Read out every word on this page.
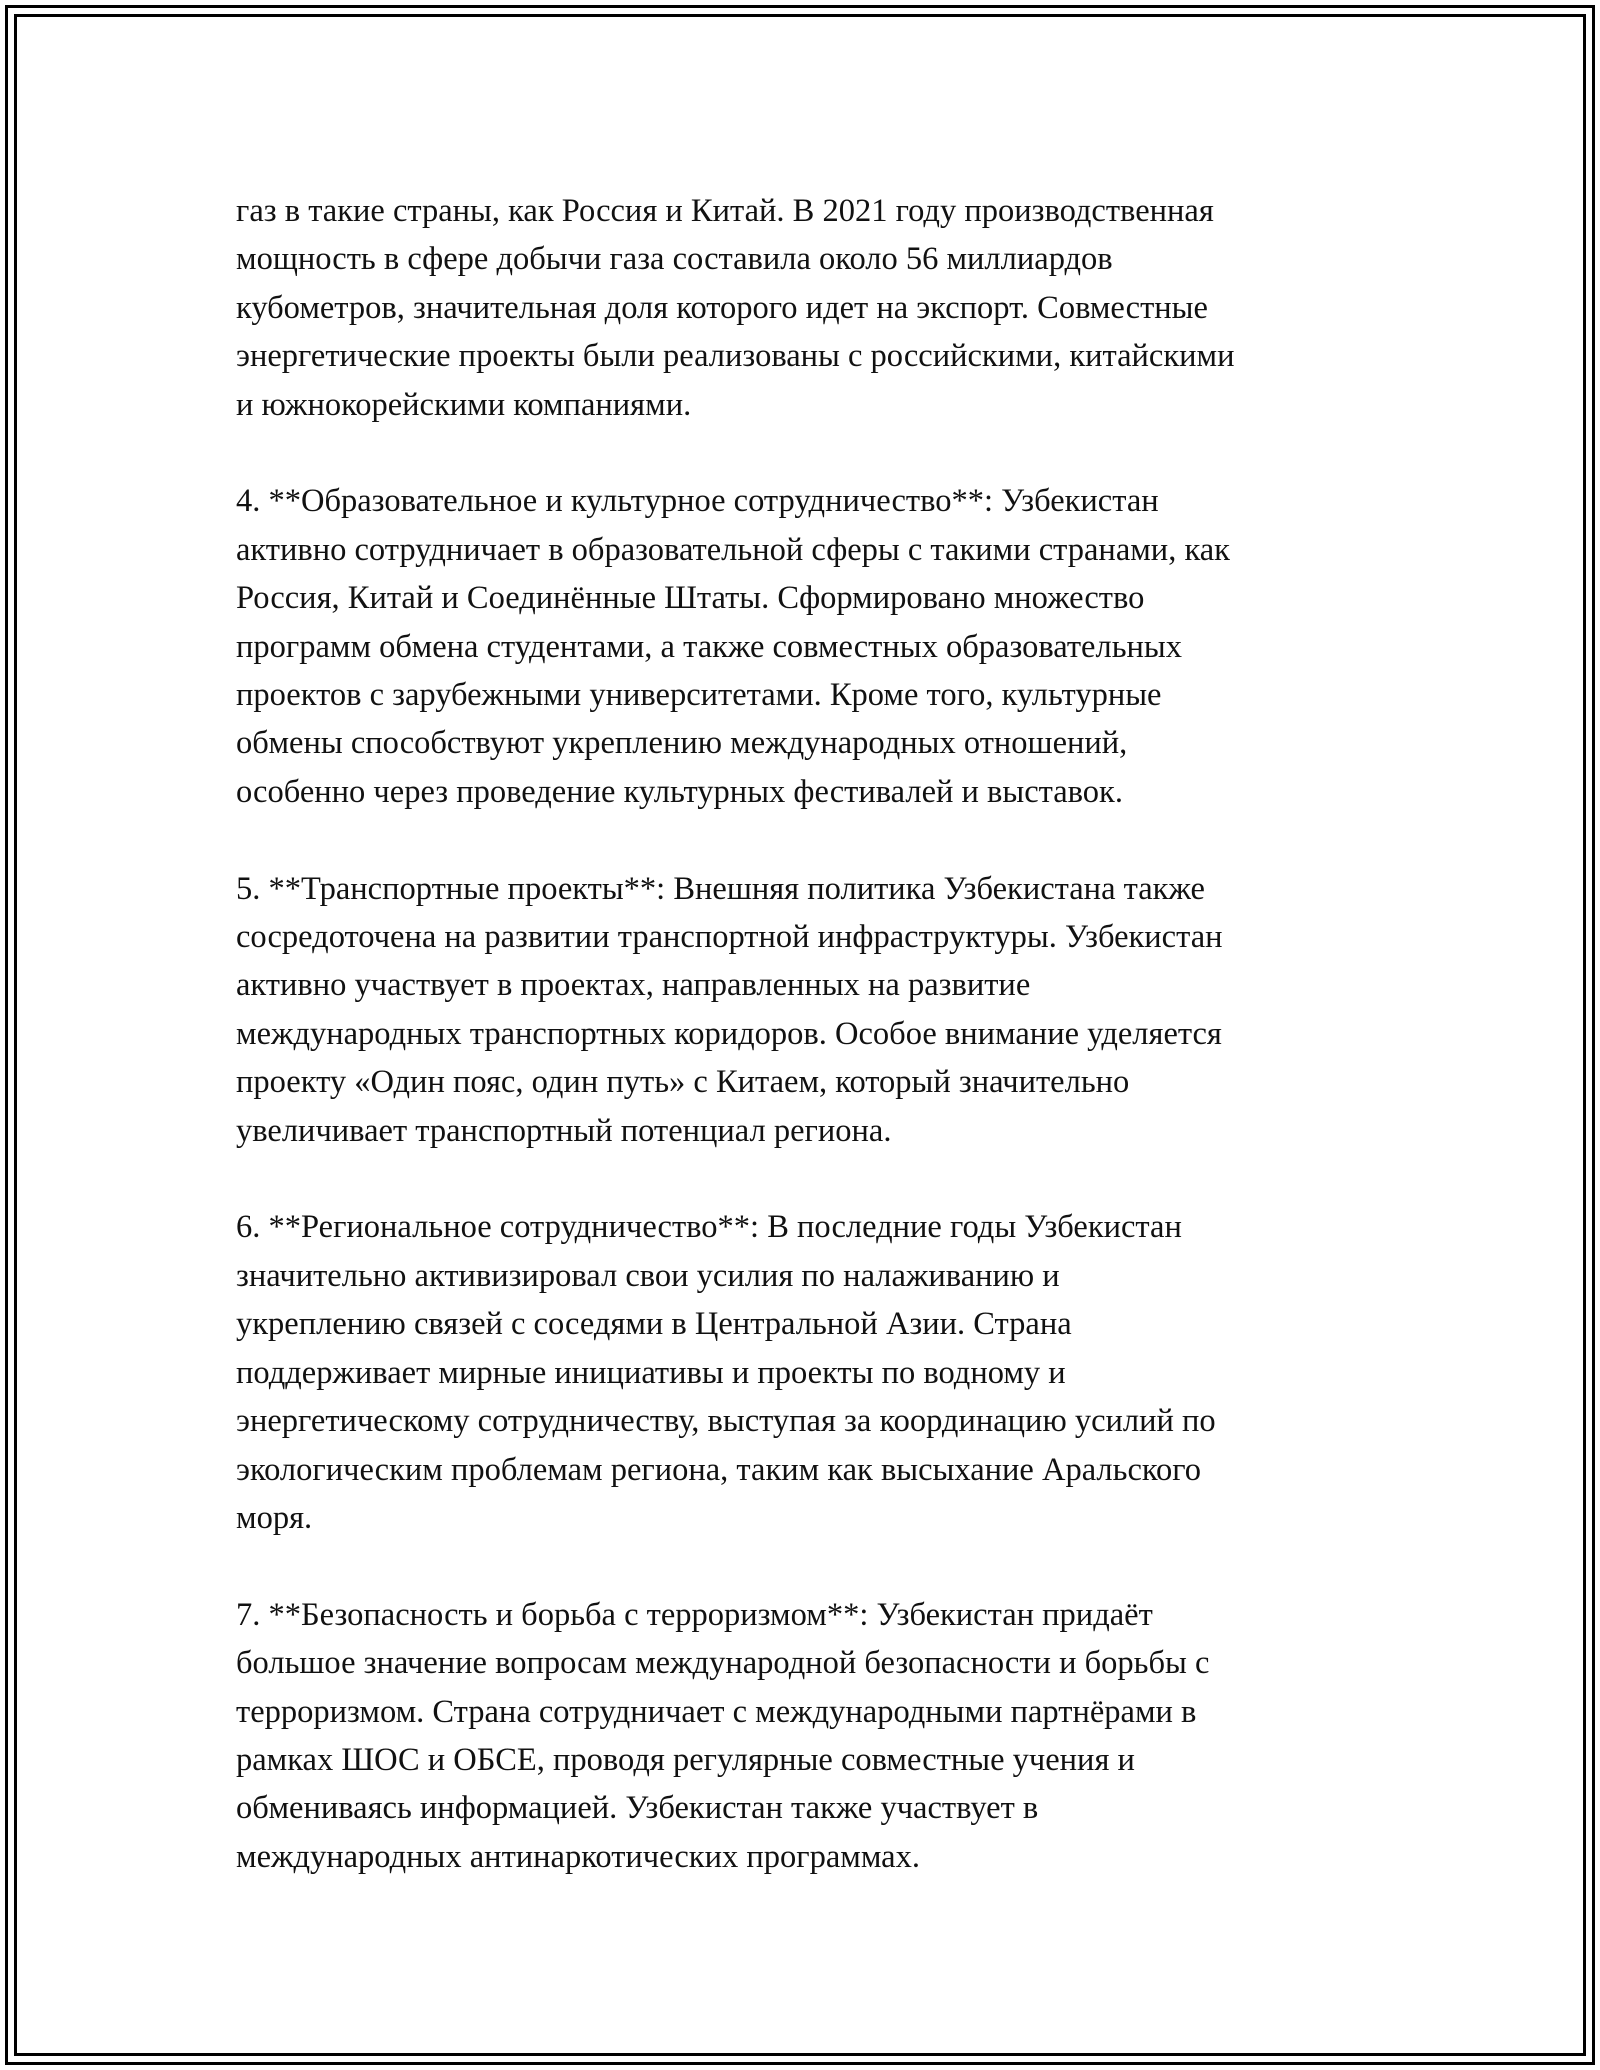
газ в такие страны, как Россия и Китай. В 2021 году производственная
мощность в сфере добычи газа составила около 56 миллиардов
кубометров, значительная доля которого идет на экспорт. Совместные
энергетические проекты были реализованы с российскими, китайскими
и южнокорейскими компаниями.

4. **Образовательное и культурное сотрудничество**: Узбекистан
активно сотрудничает в образовательной сферы с такими странами, как
Россия, Китай и Соединённые Штаты. Сформировано множество
программ обмена студентами, а также совместных образовательных
проектов с зарубежными университетами. Кроме того, культурные
обмены способствуют укреплению международных отношений,
особенно через проведение культурных фестивалей и выставок.

5. **Транспортные проекты**: Внешняя политика Узбекистана также
сосредоточена на развитии транспортной инфраструктуры. Узбекистан
активно участвует в проектах, направленных на развитие
международных транспортных коридоров. Особое внимание уделяется
проекту «Один пояс, один путь» с Китаем, который значительно
увеличивает транспортный потенциал региона.

6. **Региональное сотрудничество**: В последние годы Узбекистан
значительно активизировал свои усилия по налаживанию и
укреплению связей с соседями в Центральной Азии. Страна
поддерживает мирные инициативы и проекты по водному и
энергетическому сотрудничеству, выступая за координацию усилий по
экологическим проблемам региона, таким как высыхание Аральского
моря.

7. **Безопасность и борьба с терроризмом**: Узбекистан придаёт
большое значение вопросам международной безопасности и борьбы с
терроризмом. Страна сотрудничает с международными партнёрами в
рамках ШОС и ОБСЕ, проводя регулярные совместные учения и
обмениваясь информацией. Узбекистан также участвует в
международных антинаркотических программах.
